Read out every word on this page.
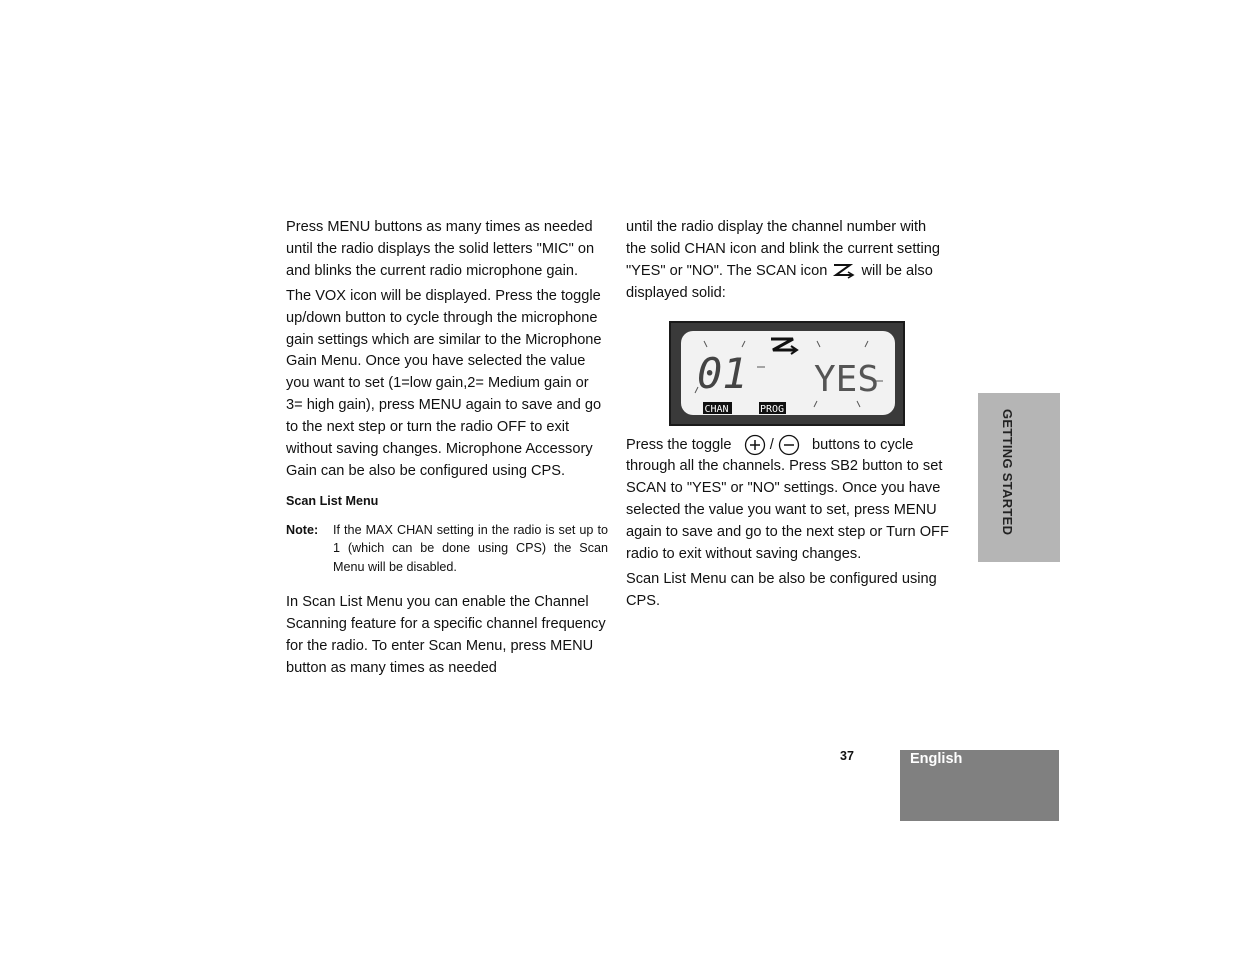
Press MENU buttons as many times as needed until the radio displays the solid letters "MIC" on and blinks the current radio microphone gain.

The VOX icon will be displayed. Press the toggle up/down button to cycle through the microphone gain settings which are similar to the Microphone Gain Menu. Once you have selected the value you want to set (1=low gain,2= Medium gain or 3= high gain), press MENU again to save and go to the next step or turn the radio OFF to exit without saving changes. Microphone Accessory Gain can be also be configured using CPS.

Scan List Menu
Note:	If the MAX CHAN setting in the radio is set up to 1 (which can be done using CPS) the Scan Menu will be disabled.

In Scan List Menu you can enable the Channel Scanning feature for a specific channel frequency for the radio. To enter Scan Menu, press MENU button as many times as needed

until the radio display the channel number with the solid CHAN icon and blink the current setting "YES" or "NO". The SCAN icon will be also displayed solid:

01 YES
CHAN	PROG

Press the toggle	/	buttons to cycle through all the channels. Press SB2 button to set SCAN to "YES" or "NO" settings. Once you have selected the value you want to set, press MENU again to save and go to the next step or Turn OFF radio to exit without saving changes.

Scan List Menu can be also be configured using CPS.

GETTING STARTED
37	English
